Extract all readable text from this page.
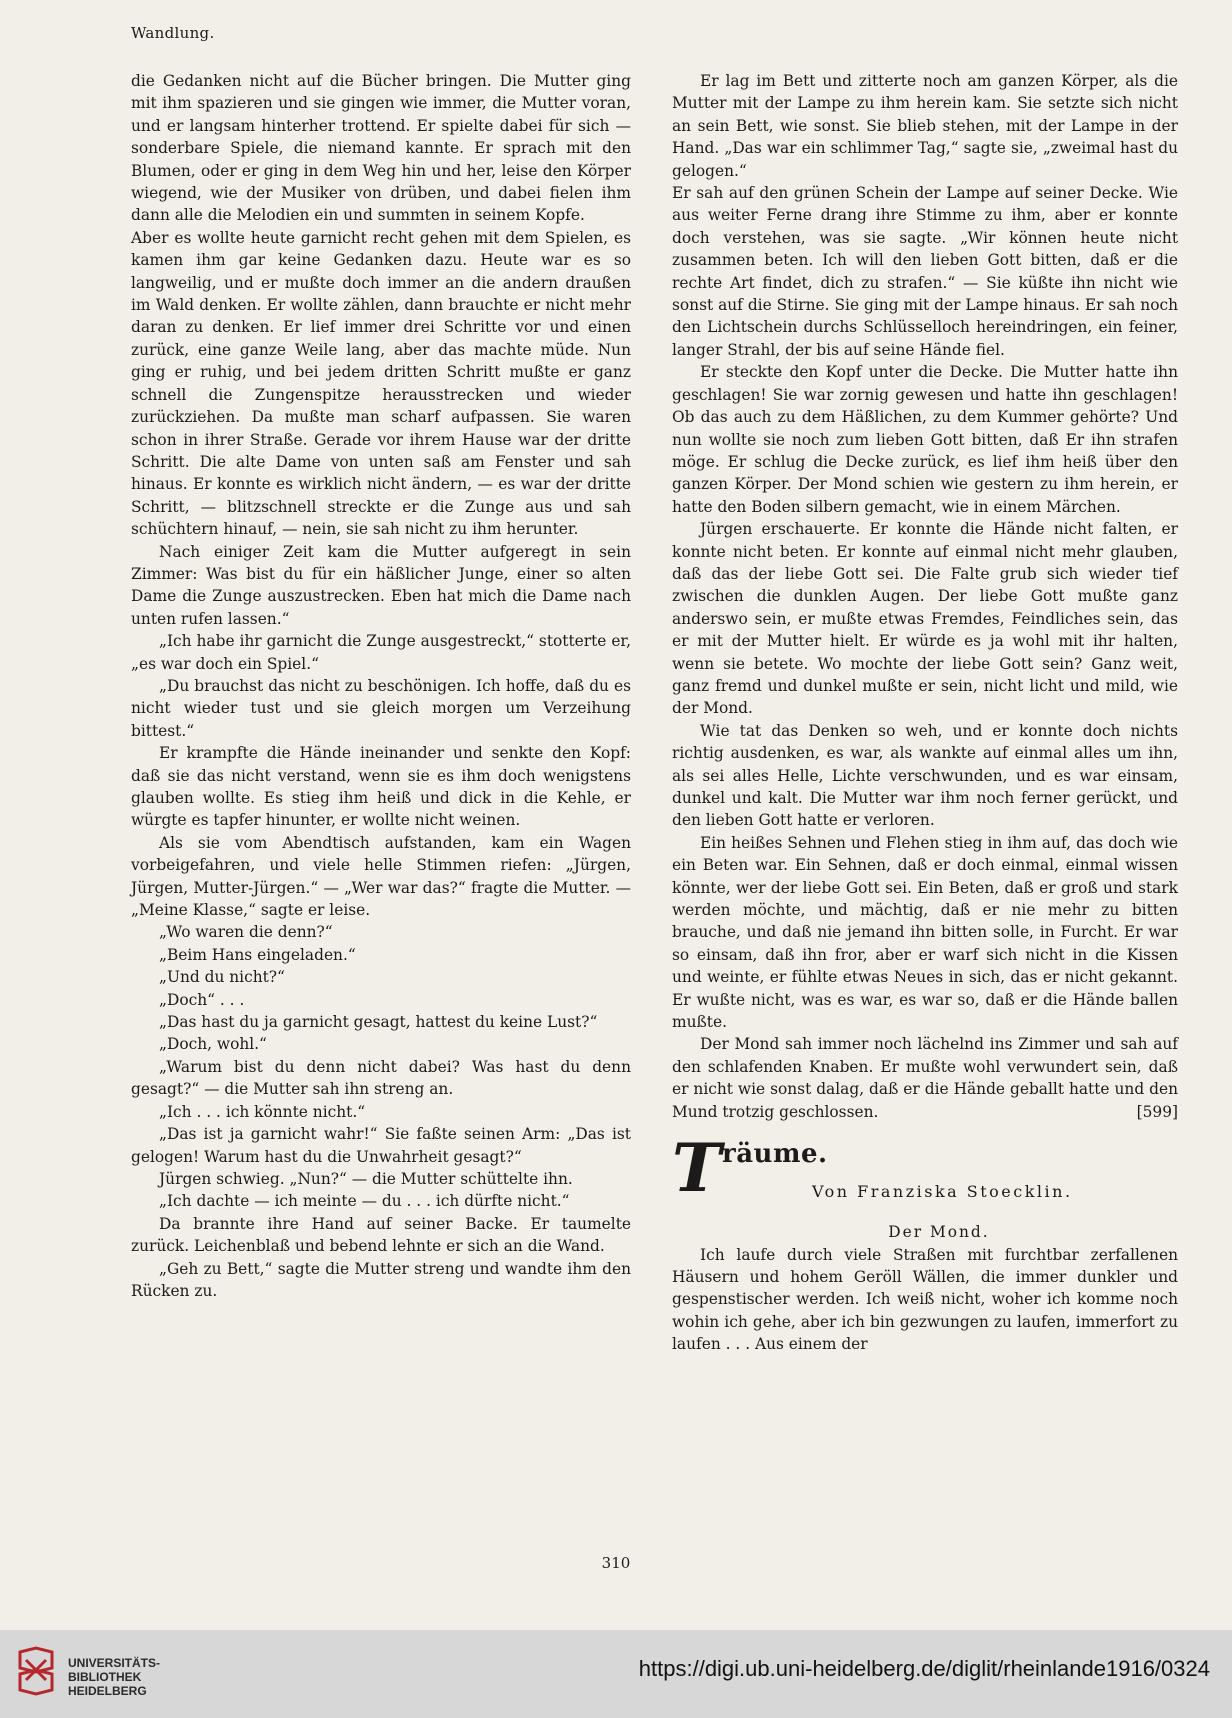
Wandlung.

die Gedanken nicht auf die Bücher bringen. Die Mutter ging mit ihm spazieren und sie gingen wie immer, die Mutter voran, und er langsam hinterher trottend. Er spielte dabei für sich — sonderbare Spiele, die niemand kannte. Er sprach mit den Blumen, oder er ging in dem Weg hin und her, leise den Körper wiegend, wie der Musiker von drüben, und dabei fielen ihm dann alle die Melodien ein und summten in seinem Kopfe.

Aber es wollte heute garnicht recht gehen mit dem Spielen, es kamen ihm gar keine Gedanken dazu. Heute war es so langweilig, und er mußte doch immer an die andern draußen im Wald denken. Er wollte zählen, dann brauchte er nicht mehr daran zu denken. Er lief immer drei Schritte vor und einen zurück, eine ganze Weile lang, aber das machte müde. Nun ging er ruhig, und bei jedem dritten Schritt mußte er ganz schnell die Zungenspitze herausstrecken und wieder zurückziehen. Da mußte man scharf aufpassen. Sie waren schon in ihrer Straße. Gerade vor ihrem Hause war der dritte Schritt. Die alte Dame von unten saß am Fenster und sah hinaus. Er konnte es wirklich nicht ändern, — es war der dritte Schritt, — blitzschnell streckte er die Zunge aus und sah schüchtern hinauf, — nein, sie sah nicht zu ihm herunter.

Nach einiger Zeit kam die Mutter aufgeregt in sein Zimmer: Was bist du für ein häßlicher Junge, einer so alten Dame die Zunge auszustrecken. Eben hat mich die Dame nach unten rufen lassen.“

„Ich habe ihr garnicht die Zunge ausgestreckt,“ stotterte er, „es war doch ein Spiel.“

„Du brauchst das nicht zu beschönigen. Ich hoffe, daß du es nicht wieder tust und sie gleich morgen um Verzeihung bittest.“

Er krampfte die Hände ineinander und senkte den Kopf: daß sie das nicht verstand, wenn sie es ihm doch wenigstens glauben wollte. Es stieg ihm heiß und dick in die Kehle, er würgte es tapfer hinunter, er wollte nicht weinen.

Als sie vom Abendtisch aufstanden, kam ein Wagen vorbeigefahren, und viele helle Stimmen riefen: „Jürgen, Jürgen, Mutter-Jürgen.“ — „Wer war das?“ fragte die Mutter. — „Meine Klasse,“ sagte er leise.

„Wo waren die denn?“

„Beim Hans eingeladen.“

„Und du nicht?“

„Doch“ . . .

„Das hast du ja garnicht gesagt, hattest du keine Lust?“

„Doch, wohl.“

„Warum bist du denn nicht dabei? Was hast du denn gesagt?“ — die Mutter sah ihn streng an.

„Ich . . . ich könnte nicht.“

„Das ist ja garnicht wahr!“ Sie faßte seinen Arm: „Das ist gelogen! Warum hast du die Unwahrheit gesagt?“

Jürgen schwieg. „Nun?“ — die Mutter schüttelte ihn.

„Ich dachte — ich meinte — du . . . ich dürfte nicht.“

Da brannte ihre Hand auf seiner Backe. Er taumelte zurück. Leichenblaß und bebend lehnte er sich an die Wand.

„Geh zu Bett,“ sagte die Mutter streng und wandte ihm den Rücken zu.

Er lag im Bett und zitterte noch am ganzen Körper, als die Mutter mit der Lampe zu ihm herein kam. Sie setzte sich nicht an sein Bett, wie sonst. Sie blieb stehen, mit der Lampe in der Hand. „Das war ein schlimmer Tag,“ sagte sie, „zweimal hast du gelogen.“

Er sah auf den grünen Schein der Lampe auf seiner Decke. Wie aus weiter Ferne drang ihre Stimme zu ihm, aber er konnte doch verstehen, was sie sagte. „Wir können heute nicht zusammen beten. Ich will den lieben Gott bitten, daß er die rechte Art findet, dich zu strafen.“ — Sie küßte ihn nicht wie sonst auf die Stirne. Sie ging mit der Lampe hinaus. Er sah noch den Lichtschein durchs Schlüsselloch hereindringen, ein feiner, langer Strahl, der bis auf seine Hände fiel.

Er steckte den Kopf unter die Decke. Die Mutter hatte ihn geschlagen! Sie war zornig gewesen und hatte ihn geschlagen! Ob das auch zu dem Häßlichen, zu dem Kummer gehörte? Und nun wollte sie noch zum lieben Gott bitten, daß Er ihn strafen möge. Er schlug die Decke zurück, es lief ihm heiß über den ganzen Körper. Der Mond schien wie gestern zu ihm herein, er hatte den Boden silbern gemacht, wie in einem Märchen.

Jürgen erschauerte. Er konnte die Hände nicht falten, er konnte nicht beten. Er konnte auf einmal nicht mehr glauben, daß das der liebe Gott sei. Die Falte grub sich wieder tief zwischen die dunklen Augen. Der liebe Gott mußte ganz anderswo sein, er mußte etwas Fremdes, Feindliches sein, das er mit der Mutter hielt. Er würde es ja wohl mit ihr halten, wenn sie betete. Wo mochte der liebe Gott sein? Ganz weit, ganz fremd und dunkel mußte er sein, nicht licht und mild, wie der Mond.

Wie tat das Denken so weh, und er konnte doch nichts richtig ausdenken, es war, als wankte auf einmal alles um ihn, als sei alles Helle, Lichte verschwunden, und es war einsam, dunkel und kalt. Die Mutter war ihm noch ferner gerückt, und den lieben Gott hatte er verloren.

Ein heißes Sehnen und Flehen stieg in ihm auf, das doch wie ein Beten war. Ein Sehnen, daß er doch einmal, einmal wissen könnte, wer der liebe Gott sei. Ein Beten, daß er groß und stark werden möchte, und mächtig, daß er nie mehr zu bitten brauche, und daß nie jemand ihn bitten solle, in Furcht. Er war so einsam, daß ihn fror, aber er warf sich nicht in die Kissen und weinte, er fühlte etwas Neues in sich, das er nicht gekannt. Er wußte nicht, was es war, es war so, daß er die Hände ballen mußte.

Der Mond sah immer noch lächelnd ins Zimmer und sah auf den schlafenden Knaben. Er mußte wohl verwundert sein, daß er nicht wie sonst dalag, daß er die Hände geballt hatte und den Mund trotzig geschlossen.	[599]

T räume.
Von Franziska Stoecklin.

Der Mond.

Ich laufe durch viele Straßen mit furchtbar zerfallenen Häusern und hohem Geröll Wällen, die immer dunkler und gespenstischer werden. Ich weiß nicht, woher ich komme noch wohin ich gehe, aber ich bin gezwungen zu laufen, immerfort zu laufen . . . Aus einem der

310
UNIVERSITÄTS-
BIBLIOTHEK
HEIDELBERG
https://digi.ub.uni-heidelberg.de/diglit/rheinlande1916/0324
